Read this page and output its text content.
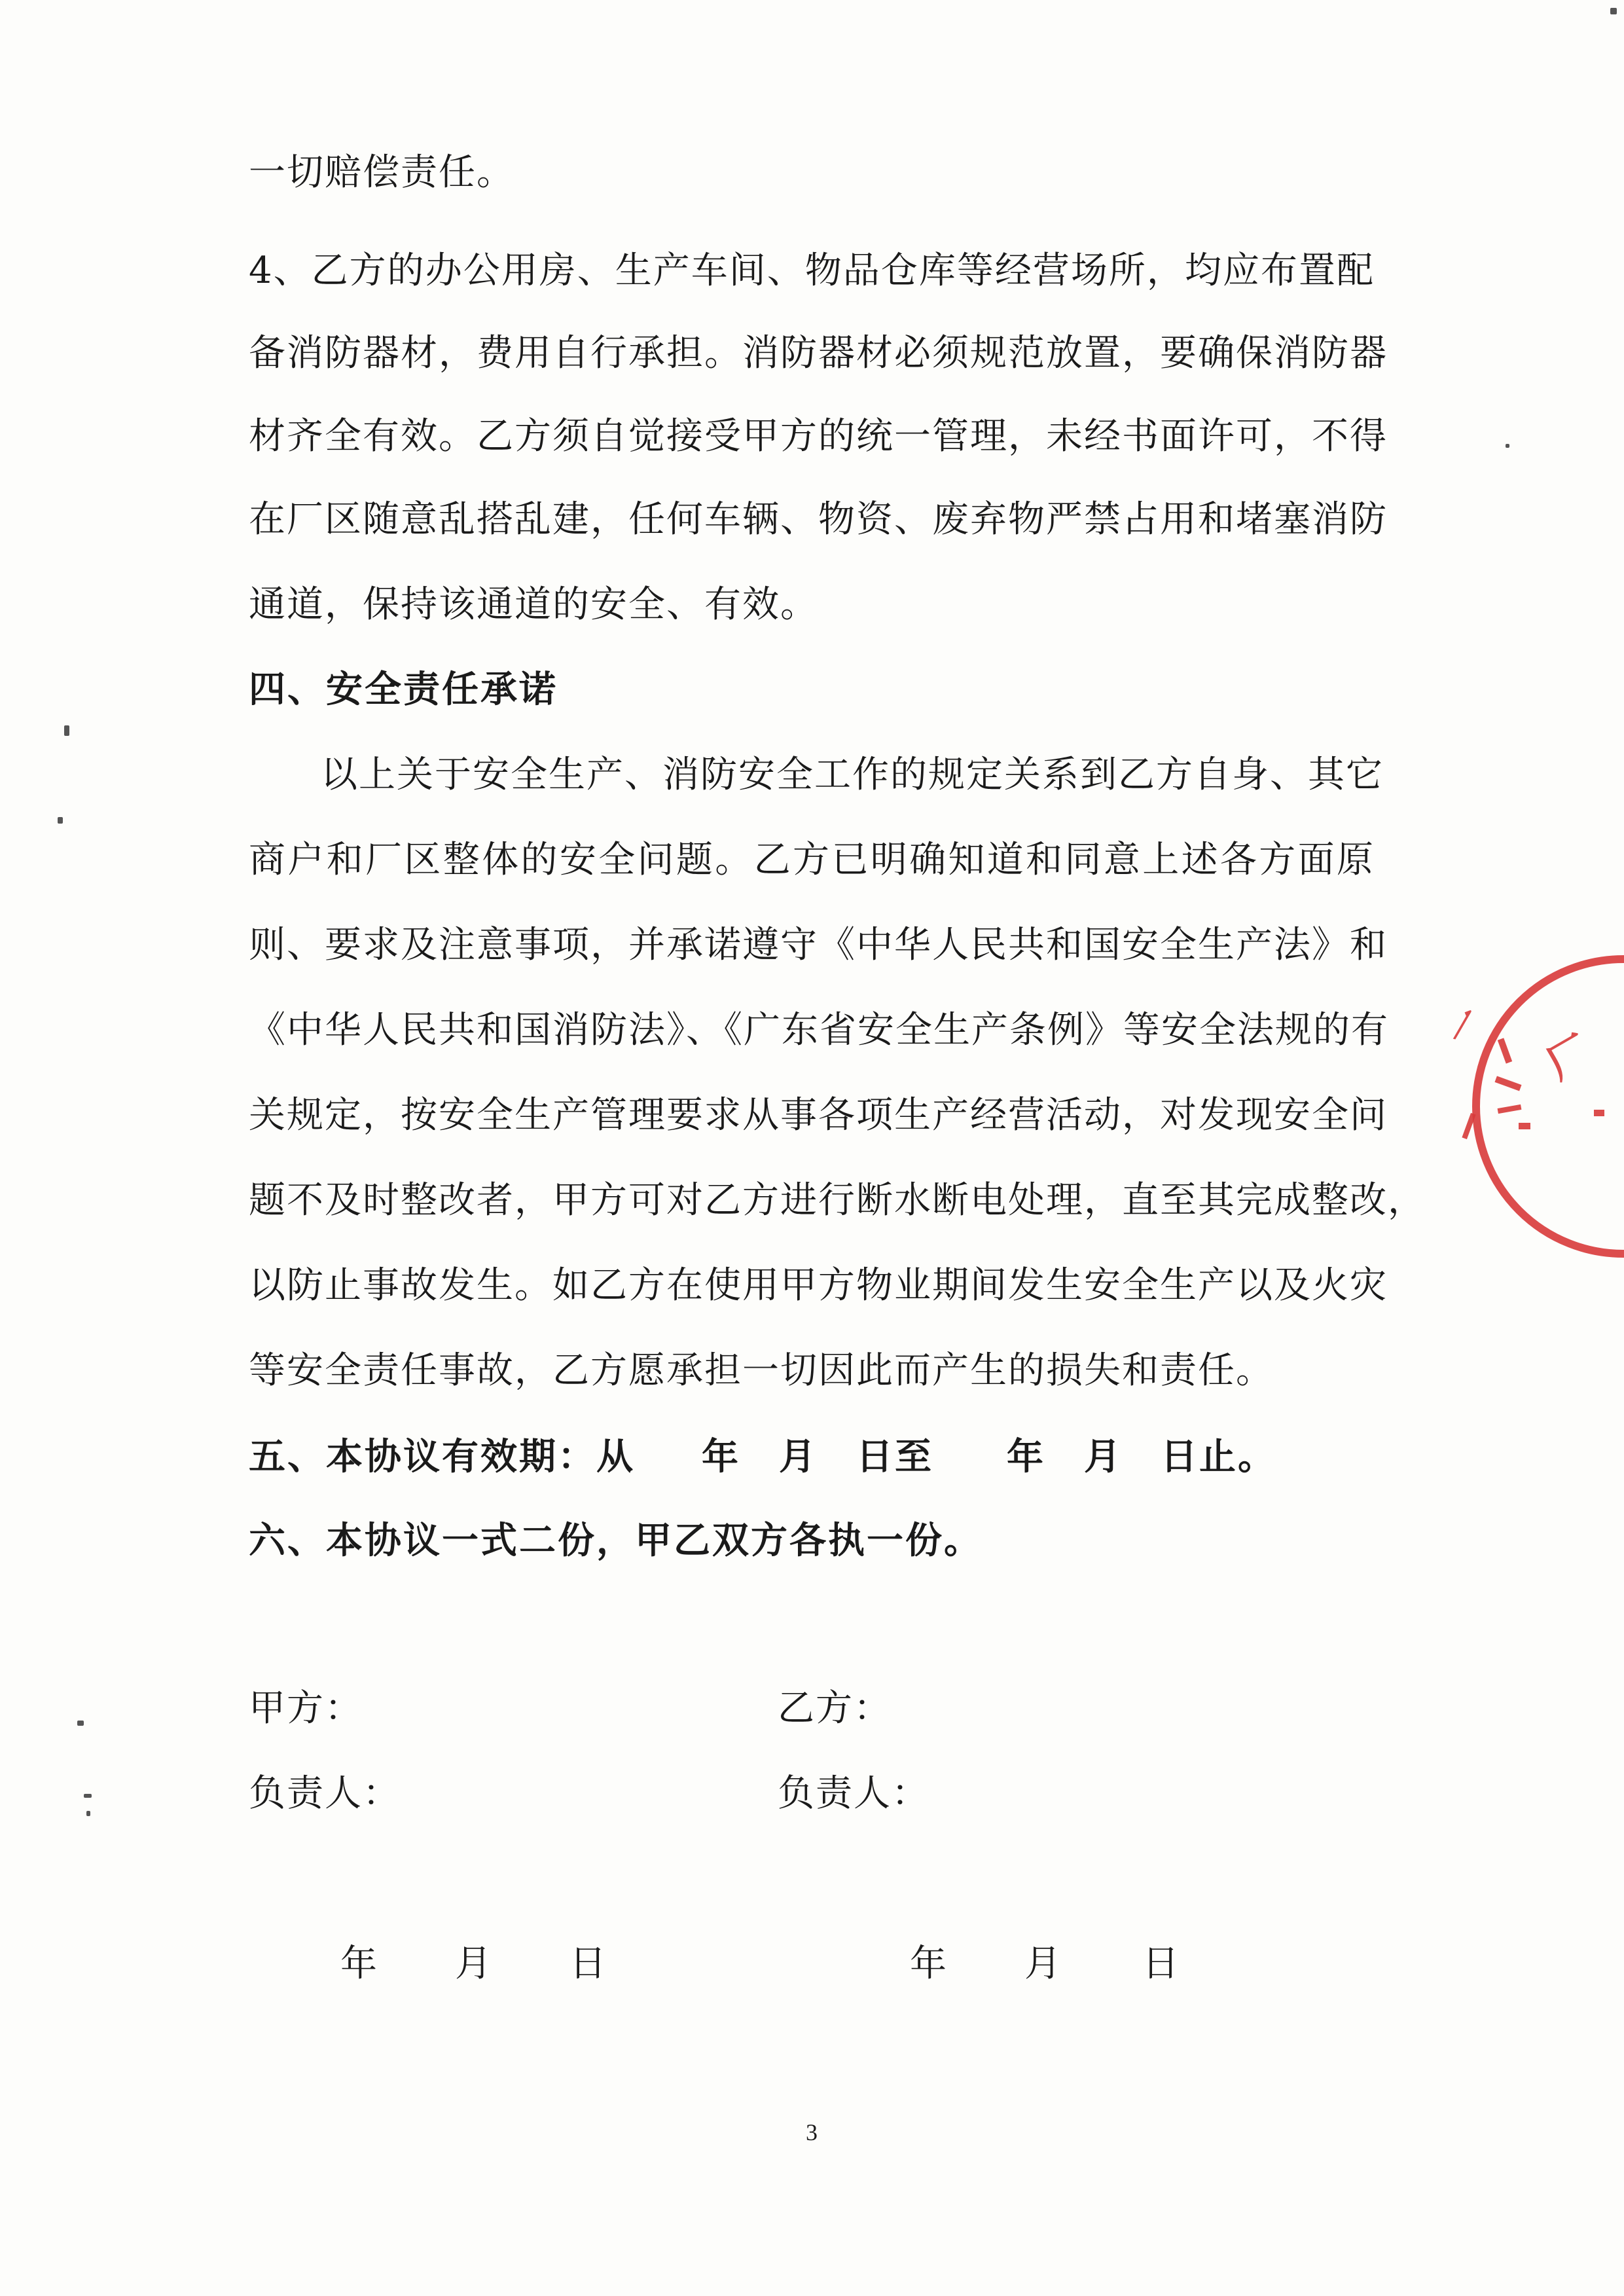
一切赔偿责任。
4、乙方的办公用房、生产车间、物品仓库等经营场所，均应布置配
备消防器材，费用自行承担。消防器材必须规范放置，要确保消防器
材齐全有效。乙方须自觉接受甲方的统一管理，未经书面许可，不得
在厂区随意乱搭乱建，任何车辆、物资、废弃物严禁占用和堵塞消防
通道，保持该通道的安全、有效。
四、安全责任承诺
以上关于安全生产、消防安全工作的规定关系到乙方自身、其它
商户和厂区整体的安全问题。乙方已明确知道和同意上述各方面原
则、要求及注意事项，并承诺遵守《中华人民共和国安全生产法》和
《中华人民共和国消防法》、《广东省安全生产条例》等安全法规的有
关规定，按安全生产管理要求从事各项生产经营活动，对发现安全问
题不及时整改者，甲方可对乙方进行断水断电处理，直至其完成整改，
以防止事故发生。如乙方在使用甲方物业期间发生安全生产以及火灾
等安全责任事故，乙方愿承担一切因此而产生的损失和责任。
五、本协议有效期：从 年 月 日至 年 月 日止。
六、本协议一式二份，甲乙双方各执一份。
甲方：	乙方：
负责人：	负责人：
年 月 日	年 月 日
3
一
厂
